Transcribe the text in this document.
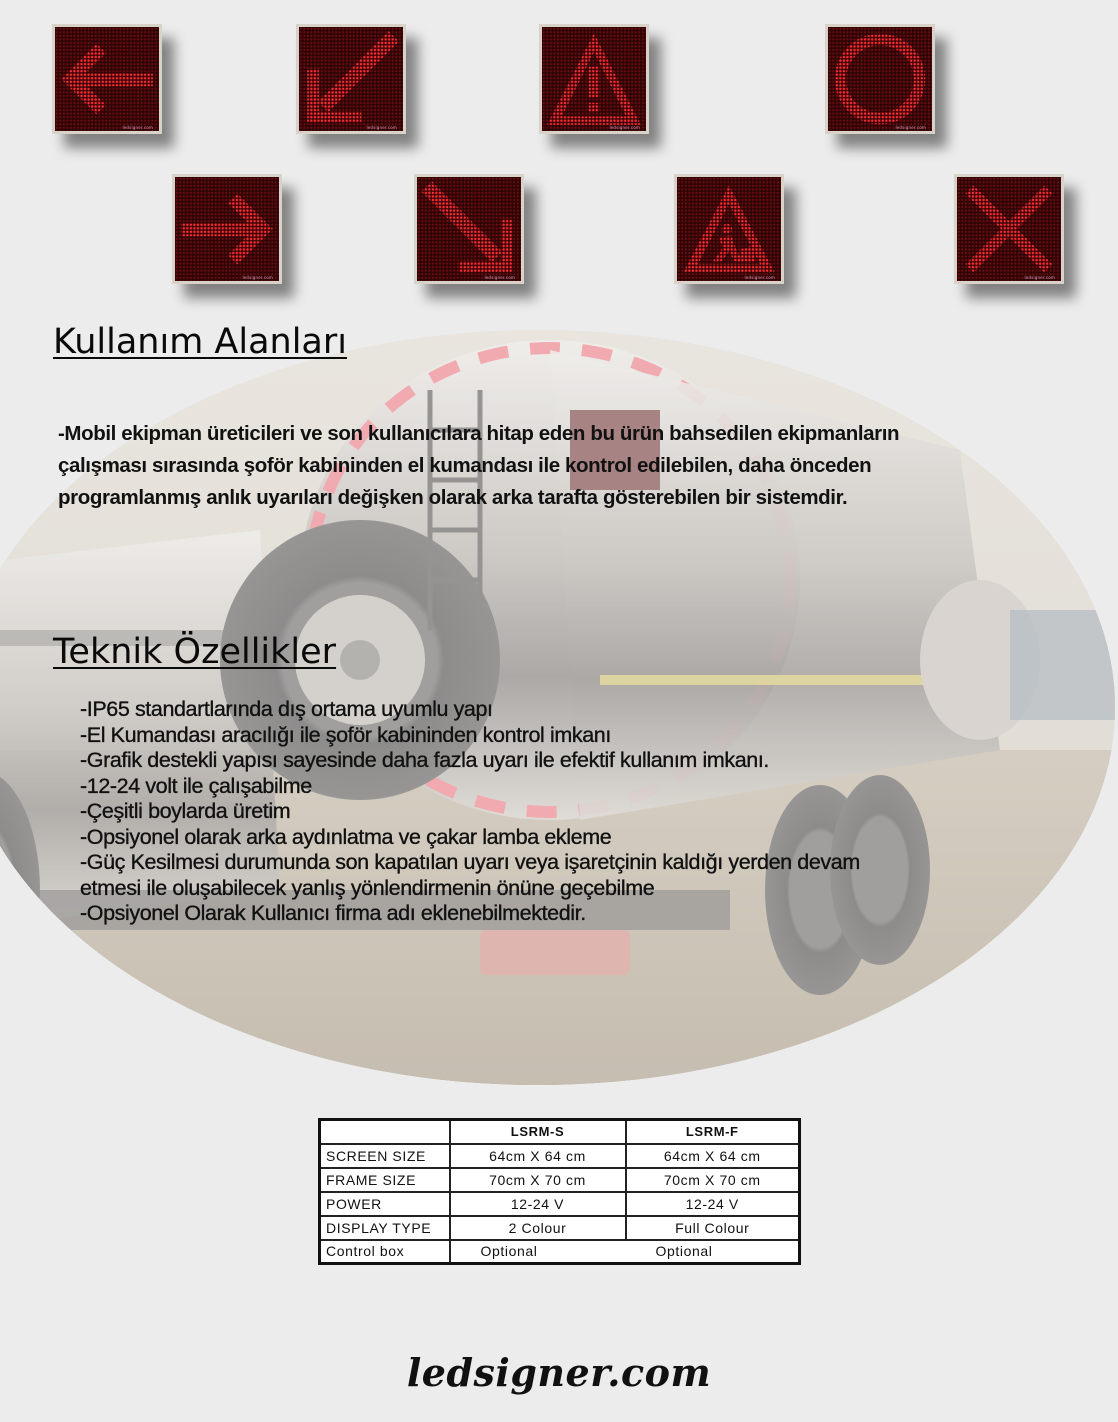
ledsigner.com	ledsigner.com	ledsigner.com	ledsigner.com
ledsigner.com	ledsigner.com	ledsigner.com	ledsigner.com
Kullanım Alanları

-Mobil ekipman üreticileri ve son kullanıcılara hitap eden bu ürün bahsedilen ekipmanların
çalışması sırasında şoför kabininden el kumandası ile kontrol edilebilen, daha önceden
programlanmış anlık uyarıları değişken olarak arka tarafta gösterebilen bir sistemdir.

Teknik Özellikler
-IP65 standartlarında dış ortama uyumlu yapı
-El Kumandası aracılığı ile şoför kabininden kontrol imkanı
-Grafik destekli yapısı sayesinde daha fazla uyarı ile efektif kullanım imkanı.
-12-24 volt ile çalışabilme
-Çeşitli boylarda üretim
-Opsiyonel olarak arka aydınlatma ve çakar lamba ekleme
-Güç Kesilmesi durumunda son kapatılan uyarı veya işaretçinin kaldığı yerden devam
etmesi ile oluşabilecek yanlış yönlendirmenin önüne geçebilme
-Opsiyonel Olarak Kullanıcı firma adı eklenebilmektedir.
	LSRM-S	LSRM-F
SCREEN SIZE	64cm X 64 cm	64cm X 64 cm
FRAME SIZE	70cm X 70 cm	70cm X 70 cm
POWER	12-24 V	12-24 V
DISPLAY TYPE	2 Colour	Full Colour
Control box	Optional	Optional
ledsigner.com
